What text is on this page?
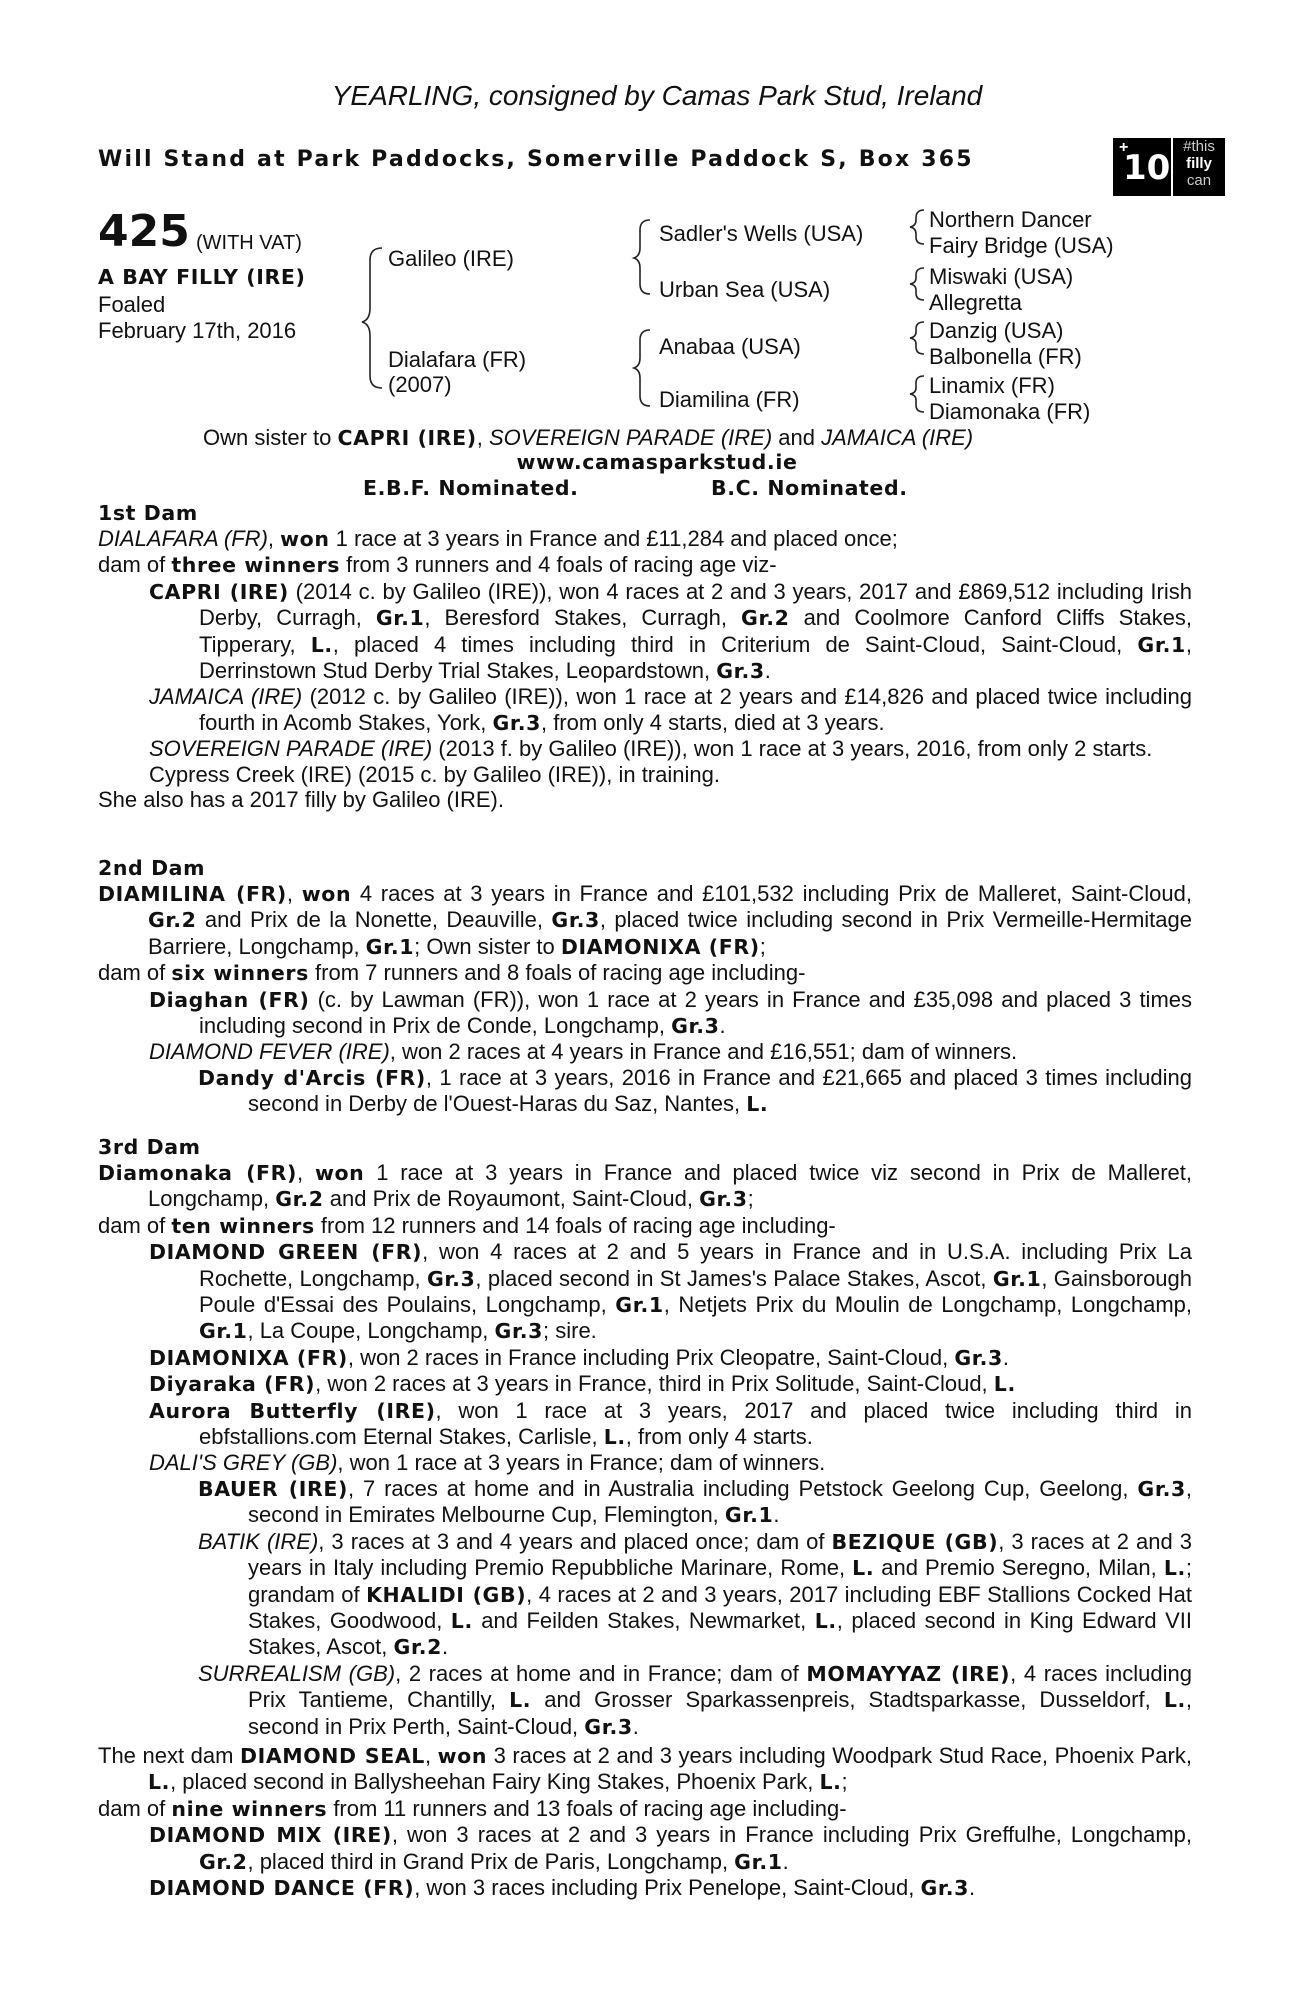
YEARLING, consigned by Camas Park Stud, Ireland
Will Stand at Park Paddocks, Somerville Paddock S, Box 365	+
10
#this
filly
can
425 (WITH VAT)
A BAY FILLY (IRE)
Foaled
February 17th, 2016
Galileo (IRE)
Dialafara (FR)
(2007)
Sadler's Wells (USA)
Urban Sea (USA)
Anabaa (USA)
Diamilina (FR)
Northern Dancer
Fairy Bridge (USA)
Miswaki (USA)
Allegretta
Danzig (USA)
Balbonella (FR)
Linamix (FR)
Diamonaka (FR)
Own sister to CAPRI (IRE), SOVEREIGN PARADE (IRE) and JAMAICA (IRE)
www.camasparkstud.ie
E.B.F. Nominated.	B.C. Nominated.
1st Dam
DIALAFARA (FR), won 1 race at 3 years in France and £11,284 and placed once;
dam of three winners from 3 runners and 4 foals of racing age viz-
CAPRI (IRE) (2014 c. by Galileo (IRE)), won 4 races at 2 and 3 years, 2017 and £869,512 including Irish Derby, Curragh, Gr.1, Beresford Stakes, Curragh, Gr.2 and Coolmore Canford Cliffs Stakes, Tipperary, L., placed 4 times including third in Criterium de Saint-Cloud, Saint-Cloud, Gr.1, Derrinstown Stud Derby Trial Stakes, Leopardstown, Gr.3.
JAMAICA (IRE) (2012 c. by Galileo (IRE)), won 1 race at 2 years and £14,826 and placed twice including fourth in Acomb Stakes, York, Gr.3, from only 4 starts, died at 3 years.
SOVEREIGN PARADE (IRE) (2013 f. by Galileo (IRE)), won 1 race at 3 years, 2016, from only 2 starts.
Cypress Creek (IRE) (2015 c. by Galileo (IRE)), in training.
She also has a 2017 filly by Galileo (IRE).
2nd Dam
DIAMILINA (FR), won 4 races at 3 years in France and £101,532 including Prix de Malleret, Saint-Cloud, Gr.2 and Prix de la Nonette, Deauville, Gr.3, placed twice including second in Prix Vermeille-Hermitage Barriere, Longchamp, Gr.1; Own sister to DIAMONIXA (FR);
dam of six winners from 7 runners and 8 foals of racing age including-
Diaghan (FR) (c. by Lawman (FR)), won 1 race at 2 years in France and £35,098 and placed 3 times including second in Prix de Conde, Longchamp, Gr.3.
DIAMOND FEVER (IRE), won 2 races at 4 years in France and £16,551; dam of winners.
Dandy d'Arcis (FR), 1 race at 3 years, 2016 in France and £21,665 and placed 3 times including second in Derby de l'Ouest-Haras du Saz, Nantes, L.
3rd Dam
Diamonaka (FR), won 1 race at 3 years in France and placed twice viz second in Prix de Malleret, Longchamp, Gr.2 and Prix de Royaumont, Saint-Cloud, Gr.3;
dam of ten winners from 12 runners and 14 foals of racing age including-
DIAMOND GREEN (FR), won 4 races at 2 and 5 years in France and in U.S.A. including Prix La Rochette, Longchamp, Gr.3, placed second in St James's Palace Stakes, Ascot, Gr.1, Gainsborough Poule d'Essai des Poulains, Longchamp, Gr.1, Netjets Prix du Moulin de Longchamp, Longchamp, Gr.1, La Coupe, Longchamp, Gr.3; sire.
DIAMONIXA (FR), won 2 races in France including Prix Cleopatre, Saint-Cloud, Gr.3.
Diyaraka (FR), won 2 races at 3 years in France, third in Prix Solitude, Saint-Cloud, L.
Aurora Butterfly (IRE), won 1 race at 3 years, 2017 and placed twice including third in ebfstallions.com Eternal Stakes, Carlisle, L., from only 4 starts.
DALI'S GREY (GB), won 1 race at 3 years in France; dam of winners.
BAUER (IRE), 7 races at home and in Australia including Petstock Geelong Cup, Geelong, Gr.3, second in Emirates Melbourne Cup, Flemington, Gr.1.
BATIK (IRE), 3 races at 3 and 4 years and placed once; dam of BEZIQUE (GB), 3 races at 2 and 3 years in Italy including Premio Repubbliche Marinare, Rome, L. and Premio Seregno, Milan, L.; grandam of KHALIDI (GB), 4 races at 2 and 3 years, 2017 including EBF Stallions Cocked Hat Stakes, Goodwood, L. and Feilden Stakes, Newmarket, L., placed second in King Edward VII Stakes, Ascot, Gr.2.
SURREALISM (GB), 2 races at home and in France; dam of MOMAYYAZ (IRE), 4 races including Prix Tantieme, Chantilly, L. and Grosser Sparkassenpreis, Stadtsparkasse, Dusseldorf, L., second in Prix Perth, Saint-Cloud, Gr.3.
The next dam DIAMOND SEAL, won 3 races at 2 and 3 years including Woodpark Stud Race, Phoenix Park, L., placed second in Ballysheehan Fairy King Stakes, Phoenix Park, L.;
dam of nine winners from 11 runners and 13 foals of racing age including-
DIAMOND MIX (IRE), won 3 races at 2 and 3 years in France including Prix Greffulhe, Longchamp, Gr.2, placed third in Grand Prix de Paris, Longchamp, Gr.1.
DIAMOND DANCE (FR), won 3 races including Prix Penelope, Saint-Cloud, Gr.3.
